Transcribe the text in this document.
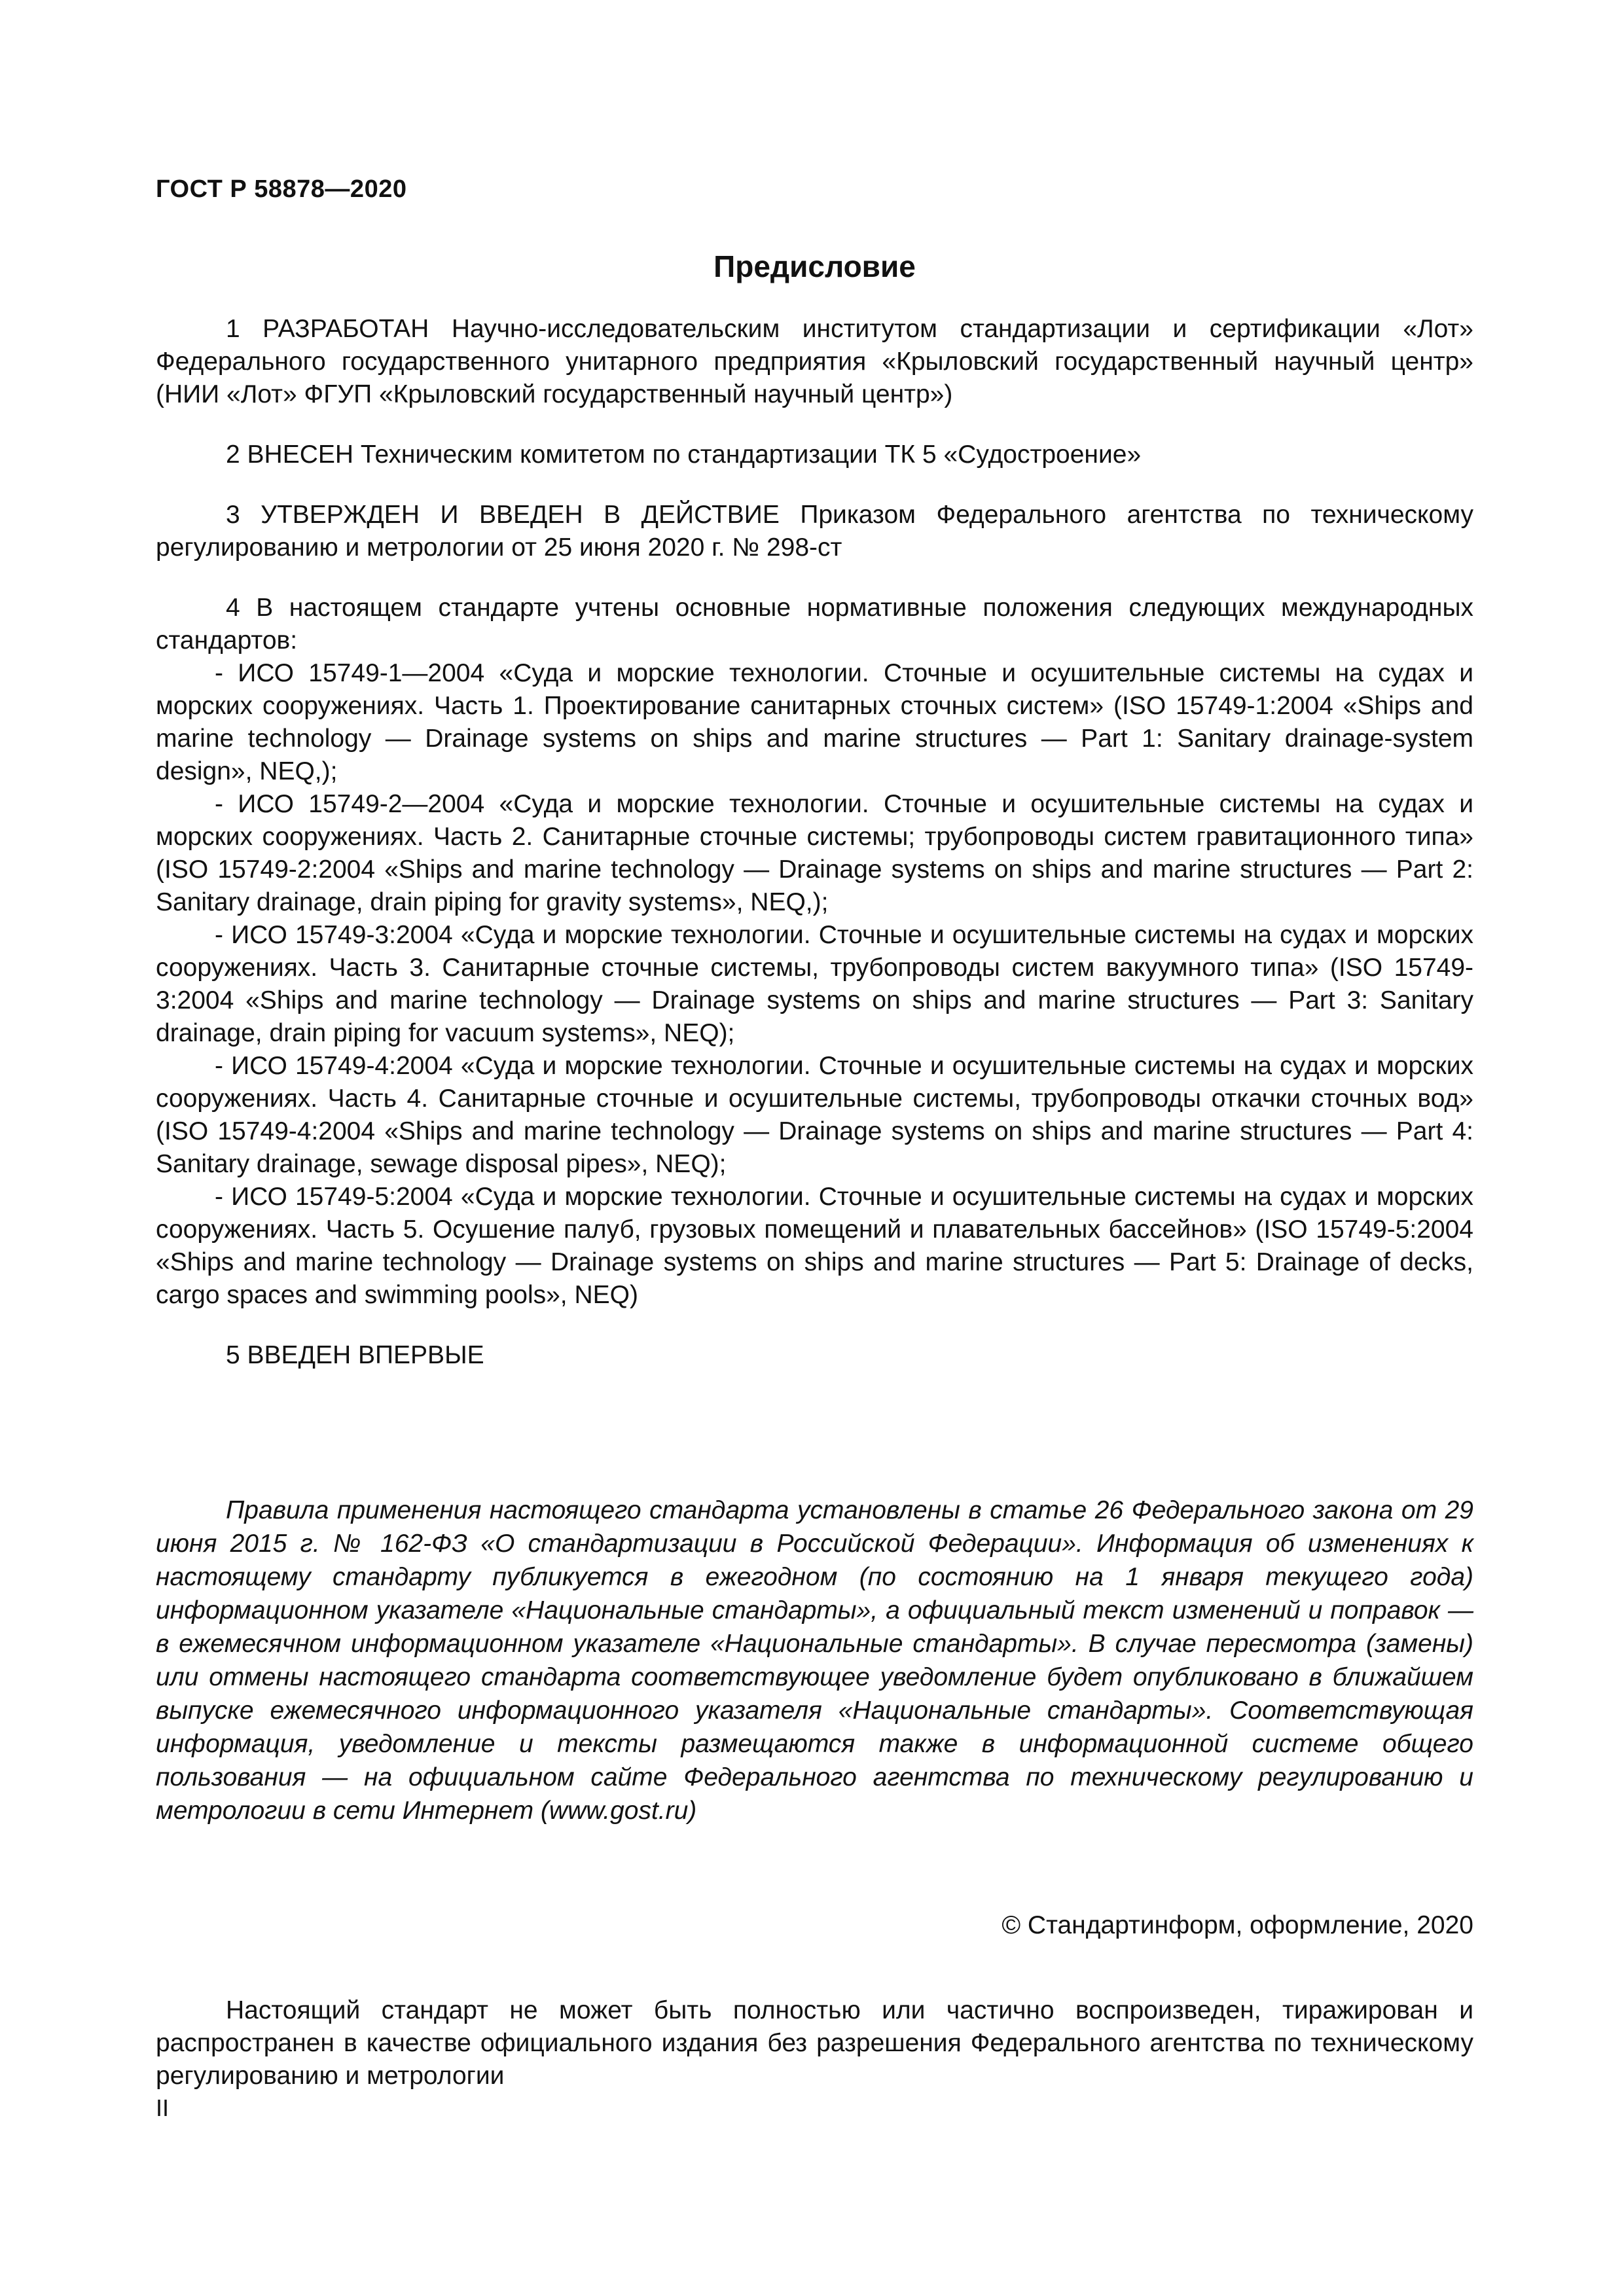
ГОСТ Р 58878—2020
Предисловие

1 РАЗРАБОТАН Научно-исследовательским институтом стандартизации и сертификации «Лот» Федерального государственного унитарного предприятия «Крыловский государственный научный центр» (НИИ «Лот» ФГУП «Крыловский государственный научный центр»)

2 ВНЕСЕН Техническим комитетом по стандартизации ТК 5 «Судостроение»

3 УТВЕРЖДЕН И ВВЕДЕН В ДЕЙСТВИЕ Приказом Федерального агентства по техническому регулированию и метрологии от 25 июня 2020 г. № 298-ст

4 В настоящем стандарте учтены основные нормативные положения следующих международных стандартов:

- ИСО 15749-1—2004 «Суда и морские технологии. Сточные и осушительные системы на судах и морских сооружениях. Часть 1. Проектирование санитарных сточных систем» (ISO 15749-1:2004 «Ships and marine technology — Drainage systems on ships and marine structures — Part 1: Sanitary drainage-system design», NEQ,);

- ИСО 15749-2—2004 «Суда и морские технологии. Сточные и осушительные системы на судах и морских сооружениях. Часть 2. Санитарные сточные системы; трубопроводы систем гравитационного типа» (ISO 15749-2:2004 «Ships and marine technology — Drainage systems on ships and marine structures — Part 2: Sanitary drainage, drain piping for gravity systems», NEQ,);

- ИСО 15749-3:2004 «Суда и морские технологии. Сточные и осушительные системы на судах и морских сооружениях. Часть 3. Санитарные сточные системы, трубопроводы систем вакуумного типа» (ISO 15749-3:2004 «Ships and marine technology — Drainage systems on ships and marine structures — Part 3: Sanitary drainage, drain piping for vacuum systems», NEQ);

- ИСО 15749-4:2004 «Суда и морские технологии. Сточные и осушительные системы на судах и морских сооружениях. Часть 4. Санитарные сточные и осушительные системы, трубопроводы откачки сточных вод» (ISO 15749-4:2004 «Ships and marine technology — Drainage systems on ships and marine structures — Part 4: Sanitary drainage, sewage disposal pipes», NEQ);

- ИСО 15749-5:2004 «Суда и морские технологии. Сточные и осушительные системы на судах и морских сооружениях. Часть 5. Осушение палуб, грузовых помещений и плавательных бассейнов» (ISO 15749-5:2004 «Ships and marine technology — Drainage systems on ships and marine structures — Part 5: Drainage of decks, cargo spaces and swimming pools», NEQ)

5 ВВЕДЕН ВПЕРВЫЕ

Правила применения настоящего стандарта установлены в статье 26 Федерального закона от 29 июня 2015 г. № 162-ФЗ «О стандартизации в Российской Федерации». Информация об изменениях к настоящему стандарту публикуется в ежегодном (по состоянию на 1 января текущего года) информационном указателе «Национальные стандарты», а официальный текст изменений и поправок — в ежемесячном информационном указателе «Национальные стандарты». В случае пересмотра (замены) или отмены настоящего стандарта соответствующее уведомление будет опубликовано в ближайшем выпуске ежемесячного информационного указателя «Национальные стандарты». Соответствующая информация, уведомление и тексты размещаются также в информационной системе общего пользования — на официальном сайте Федерального агентства по техническому регулированию и метрологии в сети Интернет (www.gost.ru)

© Стандартинформ, оформление, 2020

Настоящий стандарт не может быть полностью или частично воспроизведен, тиражирован и распространен в качестве официального издания без разрешения Федерального агентства по техническому регулированию и метрологии

II
